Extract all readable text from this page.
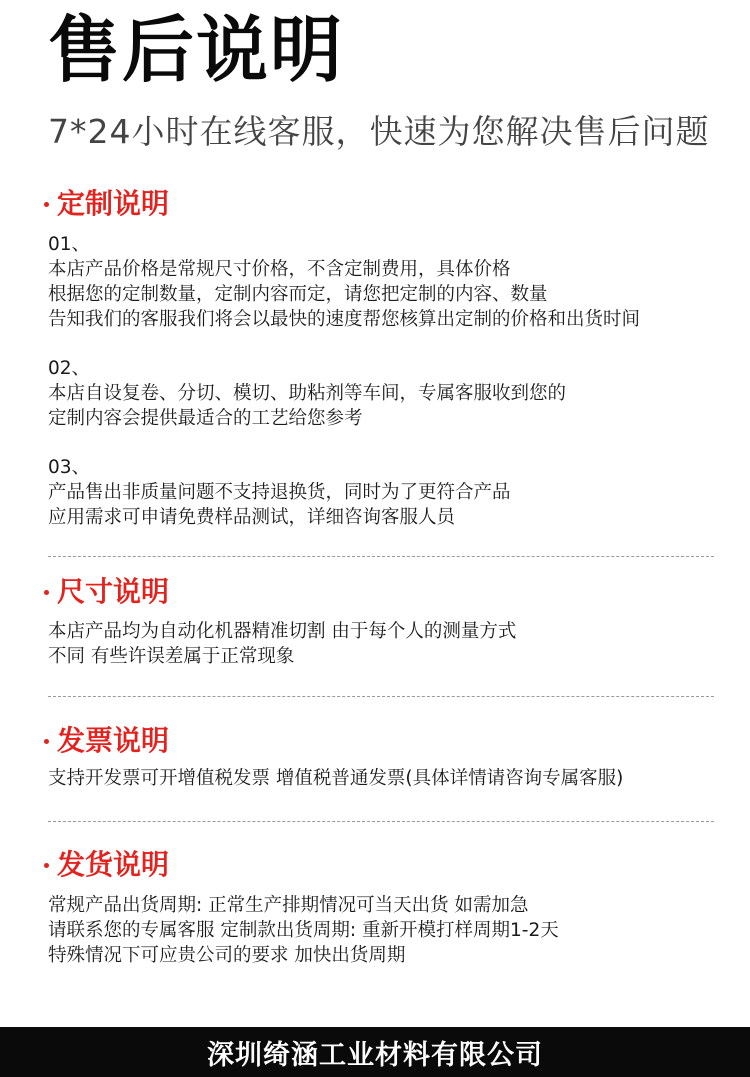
售后说明
7*24小时在线客服，快速为您解决售后问题
定制说明
01、
本店产品价格是常规尺寸价格，不含定制费用，具体价格
根据您的定制数量，定制内容而定，请您把定制的内容、数量
告知我们的客服我们将会以最快的速度帮您核算出定制的价格和出货时间
02、
本店自设复卷、分切、模切、助粘剂等车间，专属客服收到您的
定制内容会提供最适合的工艺给您参考
03、
产品售出非质量问题不支持退换货，同时为了更符合产品
应用需求可申请免费样品测试，详细咨询客服人员
尺寸说明
本店产品均为自动化机器精准切割 由于每个人的测量方式
不同 有些许误差属于正常现象
发票说明
支持开发票可开增值税发票 增值税普通发票(具体详情请咨询专属客服)
发货说明
常规产品出货周期: 正常生产排期情况可当天出货 如需加急
请联系您的专属客服 定制款出货周期: 重新开模打样周期1-2天
特殊情况下可应贵公司的要求 加快出货周期
深圳绮涵工业材料有限公司
